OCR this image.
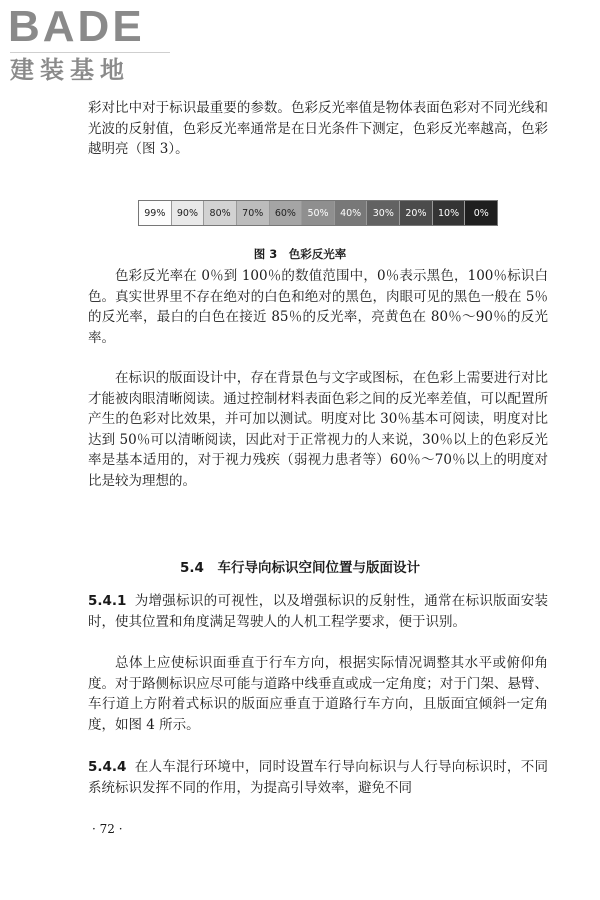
BADE
建装基地

彩对比中对于标识最重要的参数。色彩反光率值是物体表面色彩对不同光线和光波的反射值，色彩反光率通常是在日光条件下测定，色彩反光率越高，色彩越明亮（图 3）。

99%	90%	80%	70%	60%	50%	40%	30%	20%	10%	0%
图 3　色彩反光率

色彩反光率在 0％到 100％的数值范围中，0％表示黑色，100％标识白色。真实世界里不存在绝对的白色和绝对的黑色，肉眼可见的黑色一般在 5％的反光率，最白的白色在接近 85％的反光率，亮黄色在 80％～90％的反光率。

在标识的版面设计中，存在背景色与文字或图标，在色彩上需要进行对比才能被肉眼清晰阅读。通过控制材料表面色彩之间的反光率差值，可以配置所产生的色彩对比效果，并可加以测试。明度对比 30％基本可阅读，明度对比达到 50％可以清晰阅读，因此对于正常视力的人来说，30％以上的色彩反光率是基本适用的，对于视力残疾（弱视力患者等）60％～70％以上的明度对比是较为理想的。

5.4　车行导向标识空间位置与版面设计

5.4.1 为增强标识的可视性，以及增强标识的反射性，通常在标识版面安装时，使其位置和角度满足驾驶人的人机工程学要求，便于识别。

总体上应使标识面垂直于行车方向，根据实际情况调整其水平或俯仰角度。对于路侧标识应尽可能与道路中线垂直或成一定角度；对于门架、悬臂、车行道上方附着式标识的版面应垂直于道路行车方向，且版面宜倾斜一定角度，如图 4 所示。

5.4.4 在人车混行环境中，同时设置车行导向标识与人行导向标识时，不同系统标识发挥不同的作用，为提高引导效率，避免不同

· 72 ·
